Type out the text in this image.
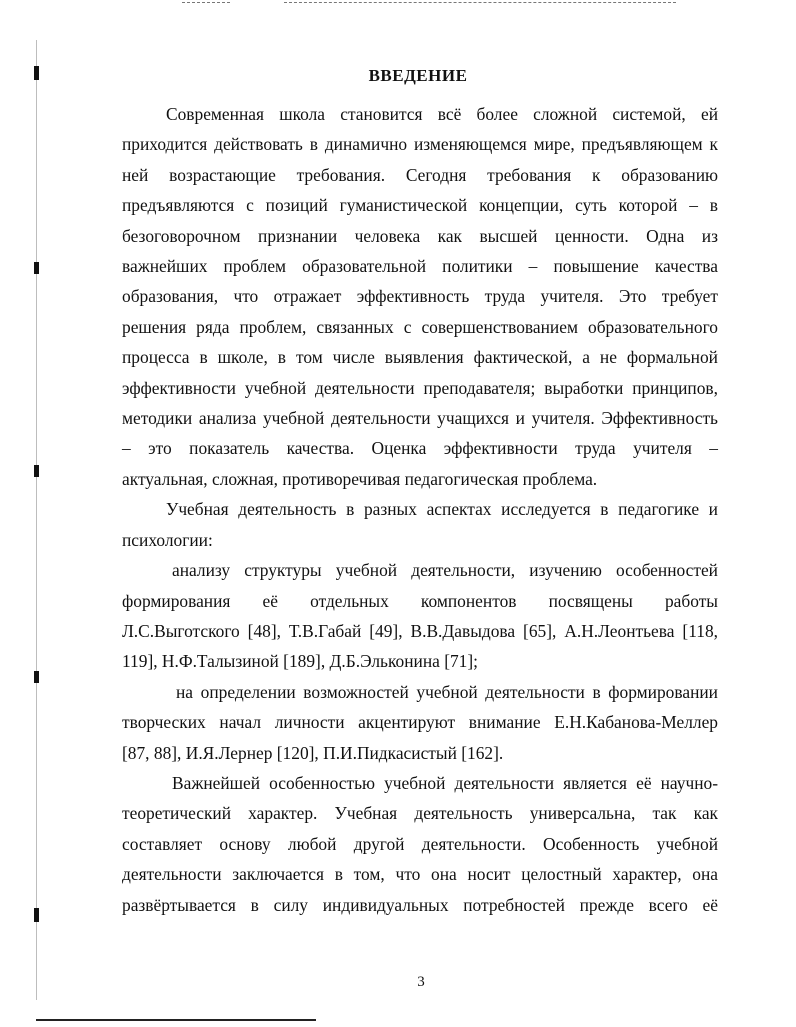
ВВЕДЕНИЕ
Современная школа становится всё более сложной системой, ей
приходится действовать в динамично изменяющемся мире, предъявляющем к
ней возрастающие требования. Сегодня требования к образованию
предъявляются с позиций гуманистической концепции, суть которой – в
безоговорочном признании человека как высшей ценности. Одна из
важнейших проблем образовательной политики – повышение качества
образования, что отражает эффективность труда учителя. Это требует
решения ряда проблем, связанных с совершенствованием образовательного
процесса в школе, в том числе выявления фактической, а не формальной
эффективности учебной деятельности преподавателя; выработки принципов,
методики анализа учебной деятельности учащихся и учителя. Эффективность
– это показатель качества. Оценка эффективности труда учителя –
актуальная, сложная, противоречивая педагогическая проблема.
Учебная деятельность в разных аспектах исследуется в педагогике и
психологии:
анализу структуры учебной деятельности, изучению особенностей
формирования её отдельных компонентов посвящены работы
Л.С.Выготского [48], Т.В.Габай [49], В.В.Давыдова [65], А.Н.Леонтьева [118,
119], Н.Ф.Талызиной [189], Д.Б.Эльконина [71];
на определении возможностей учебной деятельности в формировании
творческих начал личности акцентируют внимание Е.Н.Кабанова-Меллер
[87, 88], И.Я.Лернер [120], П.И.Пидкасистый [162].
Важнейшей особенностью учебной деятельности является её научно-
теоретический характер. Учебная деятельность универсальна, так как
составляет основу любой другой деятельности. Особенность учебной
деятельности заключается в том, что она носит целостный характер, она
развёртывается в силу индивидуальных потребностей прежде всего её
3
